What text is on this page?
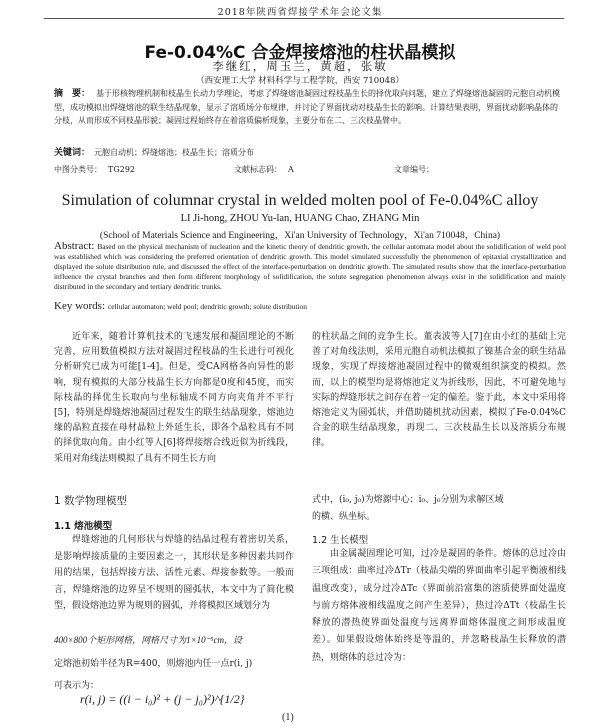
2018年陕西省焊接学术年会论文集
Fe-0.04%C 合金焊接熔池的柱状晶模拟
李继红，周玉兰，黄超，张敏
（西安理工大学 材料科学与工程学院，西安 710048）
摘　要： 基于形核物理机制和枝晶生长动力学理论，考虑了焊缝熔池凝固过程枝晶生长的择优取向问题，建立了焊缝熔池凝固的元胞自动机模型，成功模拟出焊缝熔池的联生结晶现象，显示了溶质场分布规律，并讨论了界面扰动对枝晶生长的影响。计算结果表明，界面扰动影响晶体的分枝，从而形成不同枝晶形貌；凝固过程始终存在着溶质偏析现象，主要分布在二、三次枝晶臂中。
关键词： 元胞自动机；焊缝熔池；枝晶生长；溶质分布
中图分类号： TG292	文献标志码： A	文章编号：
Simulation of columnar crystal in welded molten pool of Fe-0.04%C alloy
LI Ji-hong, ZHOU Yu-lan, HUANG Chao, ZHANG Min
(School of Materials Science and Engineering，Xi'an University of Technology，Xi'an 710048，China)
Abstract: Based on the physical mechanism of nucleation and the kinetic theory of dendritic growth, the cellular automata model about the solidification of weld pool was established which was considering the preferred orientation of dendritic growth. This model simulated successfully the phenomenon of epitaxial crystallization and displayed the solute distribution rule, and discussed the effect of the interface-perturbation on dendritic growth. The simulated results show that the interface-perturbation influence the crystal branches and then form different morphology of solidification, the solute segregation phenomenon always exist in the solidification and mainly distributed in the secondary and tertiary dendritic trunks.
Key words: cellular automaton; weld pool; dendritic growth; solute distribution

近年来，随着计算机技术的飞速发展和凝固理论的不断完善，应用数值模拟方法对凝固过程枝晶的生长进行可视化分析研究已成为可能[1-4]。但是，受CA网格各向异性的影响，现有模拟的大部分枝晶生长方向都是0度和45度，而实际枝晶的择优生长取向与坐标轴成不同方向夹角并不平行[5]，特别是焊缝熔池凝固过程发生的联生结晶现象，熔池边缘的晶粒直接在母材晶粒上外延生长，即各个晶粒具有不同的择优取向角。由小红等人[6]将焊接熔合线近似为折线段，采用对角线法则模拟了具有不同生长方向

的柱状晶之间的竞争生长。董表波等人[7]在由小红的基础上完善了对角线法则，采用元胞自动机法模拟了镍基合金的联生结晶现象，实现了焊接熔池凝固过程中的微观组织演变的模拟。然而，以上的模型均是将熔池定义为折线形，因此，不可避免地与实际的焊缝形状之间存在着一定的偏差。鉴于此，本文中采用将熔池定义为圆弧状，并借助随机扰动因素，模拟了Fe-0.04%C合金的联生结晶现象，再现二、三次枝晶生长以及溶质分布规律。

1 数学物理模型
1.1 熔池模型

焊缝熔池的几何形状与焊缝的结晶过程有着密切关系，是影响焊接质量的主要因素之一，其形状是多种因素共同作用的结果，包括焊接方法、活性元素、焊接参数等。一般而言，焊缝熔池的边界呈不规则的圆弧状，本文中为了简化模型，假设熔池边界为规则的圆弧，并将模拟区域划分为

400×800个矩形网格，网格尺寸为1×10⁻⁵cm，设

定熔池初始半径为R=400，则熔池内任一点r(i, j)

可表示为：

r(i, j) = ((i − i₀)² + (j − j₀)²)^{1/2}
(1)

式中，(i₀, j₀)为熔源中心；i₀、j₀分别为求解区域

的横、纵坐标。

1.2 生长模型

由金属凝固理论可知，过冷是凝固的条件。熔体的总过冷由三项组成：曲率过冷ΔTr（枝晶尖端的界面曲率引起平衡液相线温度改变），成分过冷ΔTc（界面前沿富集的溶质使界面处温度与前方熔体液相线温度之间产生差异），热过冷ΔTt（枝晶生长释放的潜热使界面处温度与远离界面熔体温度之间形成温度差）。如果假设熔体始终是等温的，并忽略枝晶生长释放的潜热，则熔体的总过冷为：
